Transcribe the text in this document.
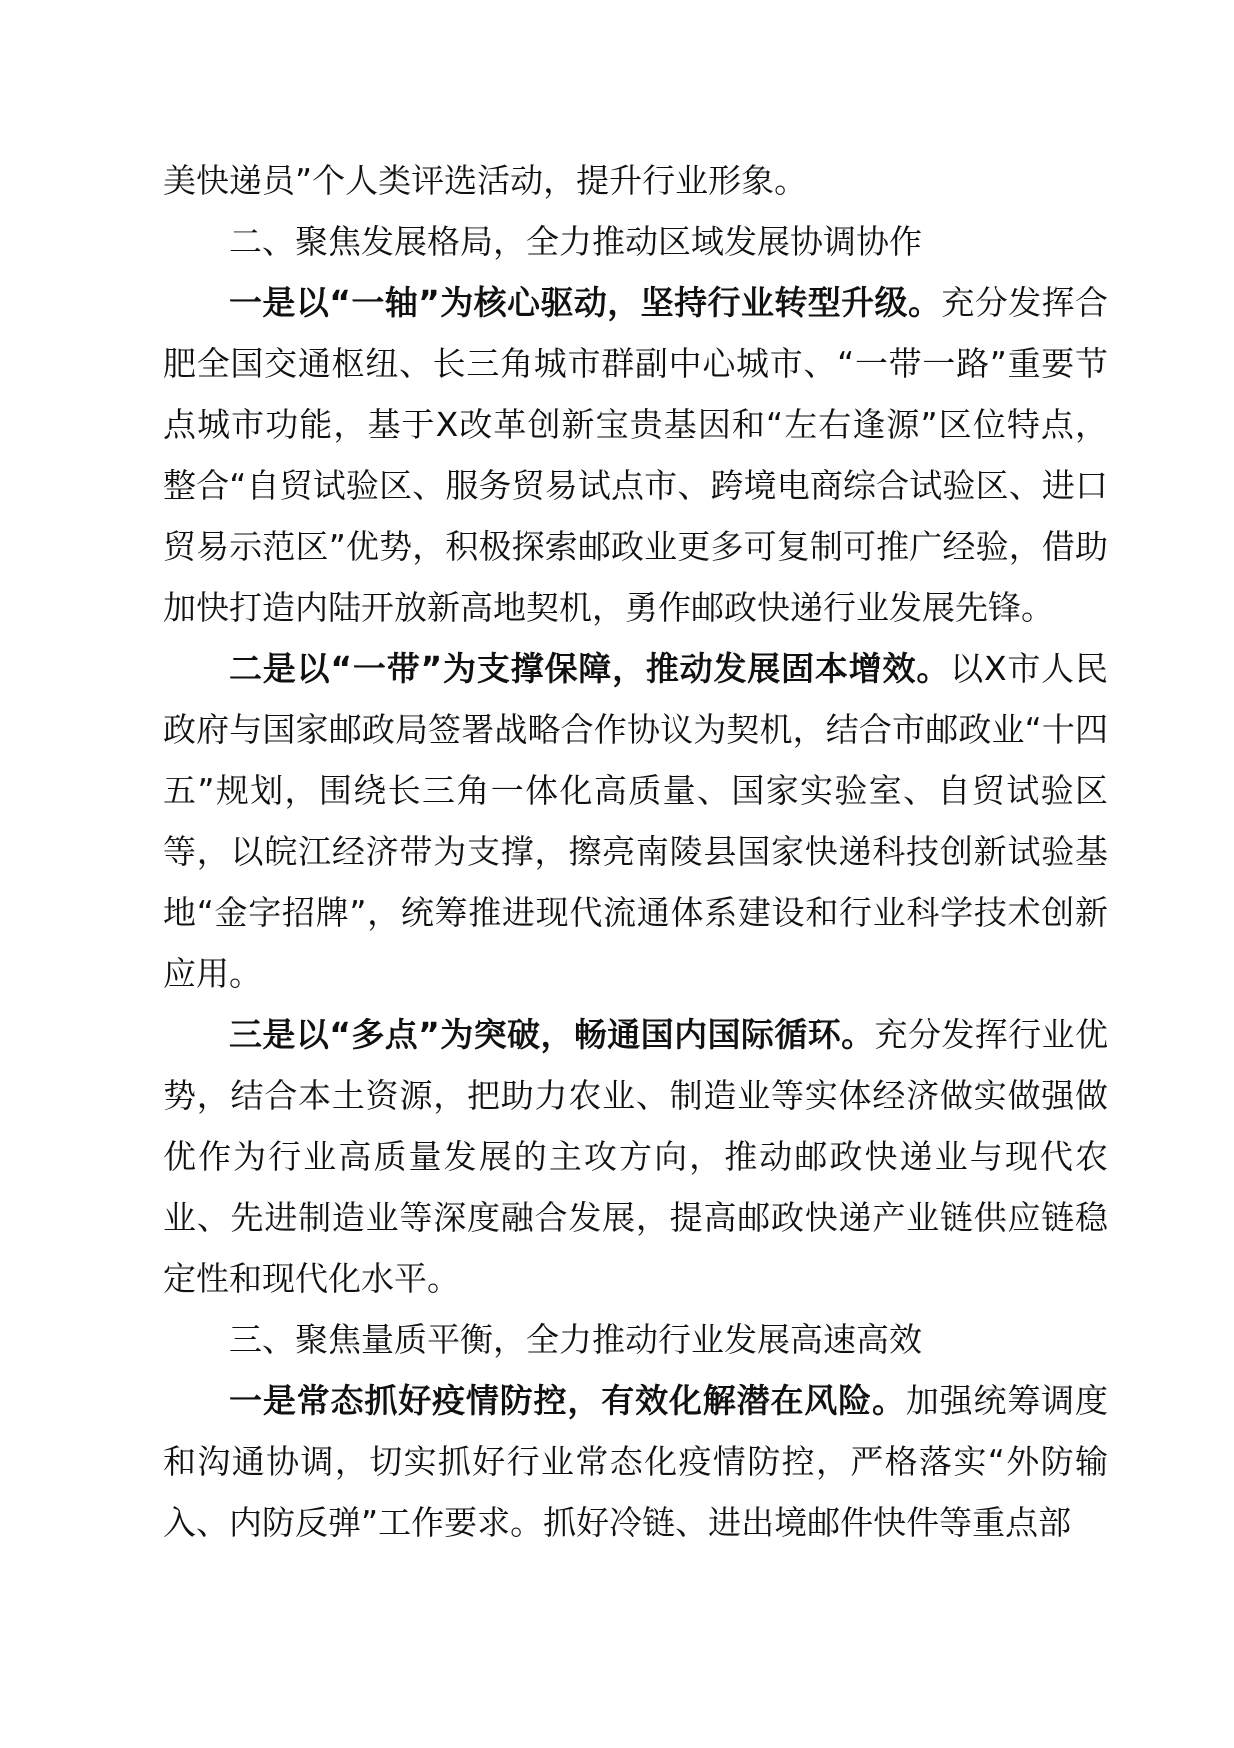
美快递员”个人类评选活动，提升行业形象。

二、聚焦发展格局，全力推动区域发展协调协作

一是以“一轴”为核心驱动，坚持行业转型升级。充分发挥合肥全国交通枢纽、长三角城市群副中心城市、“一带一路”重要节点城市功能，基于X改革创新宝贵基因和“左右逢源”区位特点，整合“自贸试验区、服务贸易试点市、跨境电商综合试验区、进口贸易示范区”优势，积极探索邮政业更多可复制可推广经验，借助加快打造内陆开放新高地契机，勇作邮政快递行业发展先锋。

二是以“一带”为支撑保障，推动发展固本增效。以X市人民政府与国家邮政局签署战略合作协议为契机，结合市邮政业“十四五”规划，围绕长三角一体化高质量、国家实验室、自贸试验区等，以皖江经济带为支撑，擦亮南陵县国家快递科技创新试验基地“金字招牌”，统筹推进现代流通体系建设和行业科学技术创新应用。

三是以“多点”为突破，畅通国内国际循环。充分发挥行业优势，结合本土资源，把助力农业、制造业等实体经济做实做强做优作为行业高质量发展的主攻方向，推动邮政快递业与现代农业、先进制造业等深度融合发展，提高邮政快递产业链供应链稳定性和现代化水平。

三、聚焦量质平衡，全力推动行业发展高速高效

一是常态抓好疫情防控，有效化解潜在风险。加强统筹调度和沟通协调，切实抓好行业常态化疫情防控，严格落实“外防输入、内防反弹”工作要求。抓好冷链、进出境邮件快件等重点部
